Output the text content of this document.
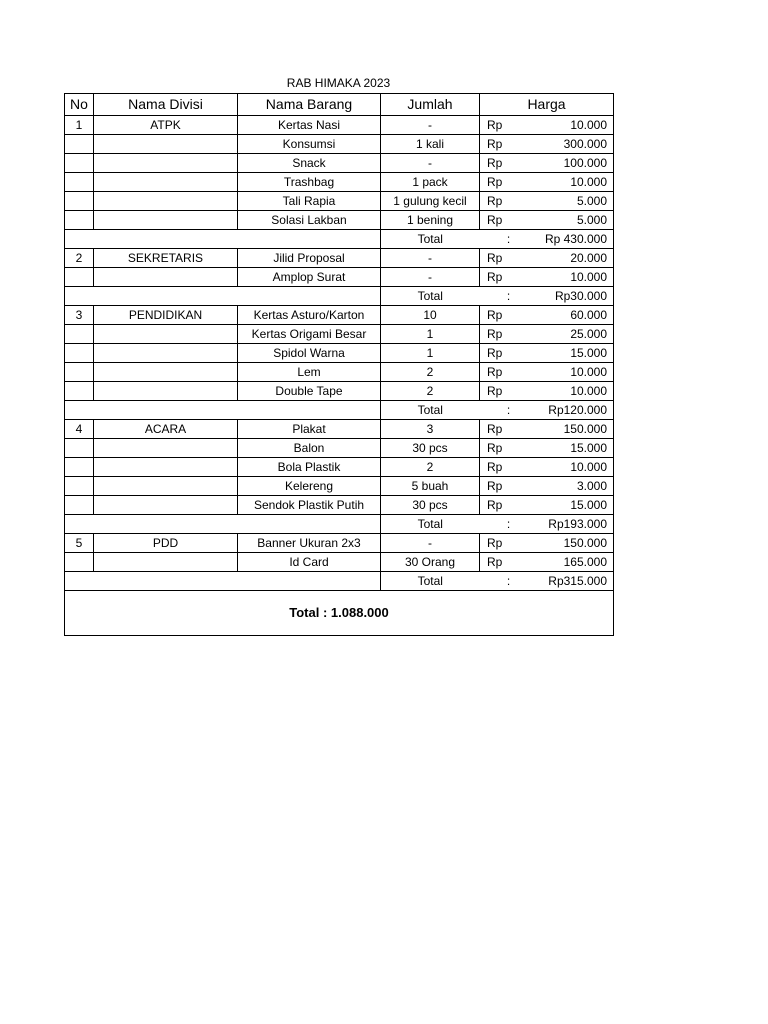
RAB HIMAKA 2023
No	Nama Divisi	Nama Barang	Jumlah	Harga	
1	ATPK	Kertas Nasi	-	Rp	10.000
		Konsumsi	1 kali	Rp	300.000
		Snack	-	Rp	100.000
		Trashbag	1 pack	Rp	10.000
		Tali Rapia	1 gulung kecil	Rp	5.000
		Solasi Lakban	1 bening	Rp	5.000
			Total	:	Rp 430.000
2	SEKRETARIS	Jilid Proposal	-	Rp	20.000
		Amplop Surat	-	Rp	10.000
			Total	:	Rp30.000
3	PENDIDIKAN	Kertas Asturo/Karton	10	Rp	60.000
		Kertas Origami Besar	1	Rp	25.000
		Spidol Warna	1	Rp	15.000
		Lem	2	Rp	10.000
		Double Tape	2	Rp	10.000
			Total	:	Rp120.000
4	ACARA	Plakat	3	Rp	150.000
		Balon	30 pcs	Rp	15.000
		Bola Plastik	2	Rp	10.000
		Kelereng	5 buah	Rp	3.000
		Sendok Plastik Putih	30 pcs	Rp	15.000
			Total	:	Rp193.000
5	PDD	Banner Ukuran 2x3	-	Rp	150.000
		Id Card	30 Orang	Rp	165.000
			Total	:	Rp315.000
Total : 1.088.000					
